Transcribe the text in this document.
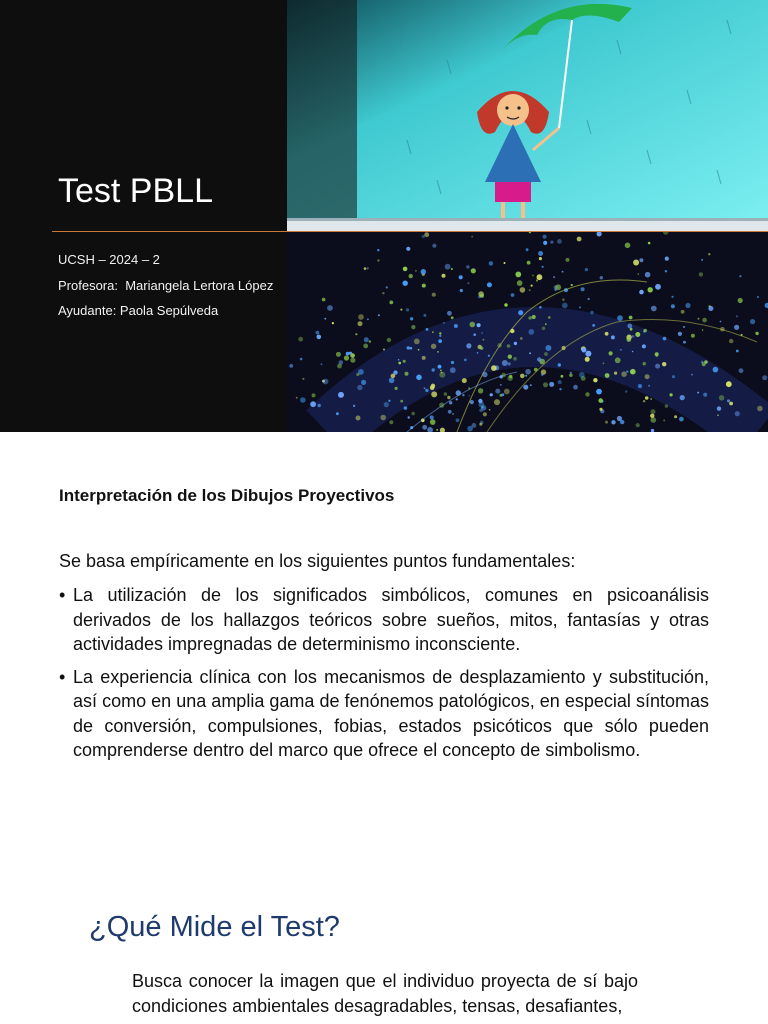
Test PBLL
UCSH – 2024 – 2
Profesora:  Mariangela Lertora López
Ayudante: Paola Sepúlveda
Interpretación de los Dibujos Proyectivos
Se basa empíricamente en los siguientes puntos fundamentales:
• La utilización de los significados simbólicos, comunes en psicoanálisis derivados de los hallazgos teóricos sobre sueños, mitos, fantasías y otras actividades impregnadas de determinismo inconsciente.
• La experiencia clínica con los mecanismos de desplazamiento y substitución, así como en una amplia gama de fenónemos patológicos, en especial síntomas de conversión, compulsiones, fobias, estados psicóticos que sólo pueden comprenderse dentro del marco que ofrece el concepto de simbolismo.
¿Qué Mide el Test?

Busca conocer la imagen que el individuo proyecta de sí bajo condiciones ambientales desagradables, tensas, desafiantes,
